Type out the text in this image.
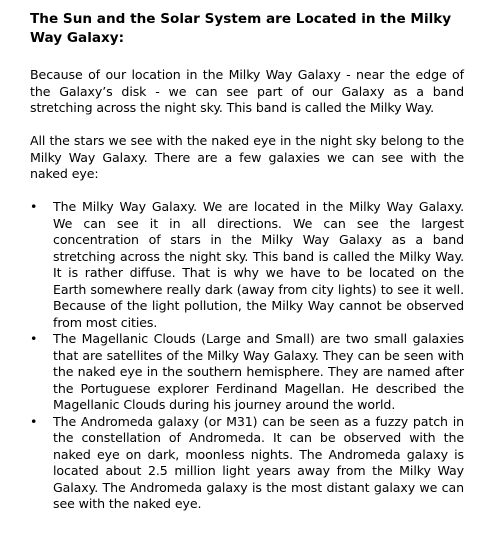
The Sun and the Solar System are Located in the Milky Way Galaxy:

Because of our location in the Milky Way Galaxy - near the edge of the Galaxy’s disk - we can see part of our Galaxy as a band stretching across the night sky. This band is called the Milky Way.

All the stars we see with the naked eye in the night sky belong to the Milky Way Galaxy. There are a few galaxies we can see with the naked eye:

• The Milky Way Galaxy. We are located in the Milky Way Galaxy. We can see it in all directions. We can see the largest concentration of stars in the Milky Way Galaxy as a band stretching across the night sky. This band is called the Milky Way. It is rather diffuse. That is why we have to be located on the Earth somewhere really dark (away from city lights) to see it well. Because of the light pollution, the Milky Way cannot be observed from most cities.
• The Magellanic Clouds (Large and Small) are two small galaxies that are satellites of the Milky Way Galaxy. They can be seen with the naked eye in the southern hemisphere. They are named after the Portuguese explorer Ferdinand Magellan. He described the Magellanic Clouds during his journey around the world.
• The Andromeda galaxy (or M31) can be seen as a fuzzy patch in the constellation of Andromeda. It can be observed with the naked eye on dark, moonless nights. The Andromeda galaxy is located about 2.5 million light years away from the Milky Way Galaxy. The Andromeda galaxy is the most distant galaxy we can see with the naked eye.
